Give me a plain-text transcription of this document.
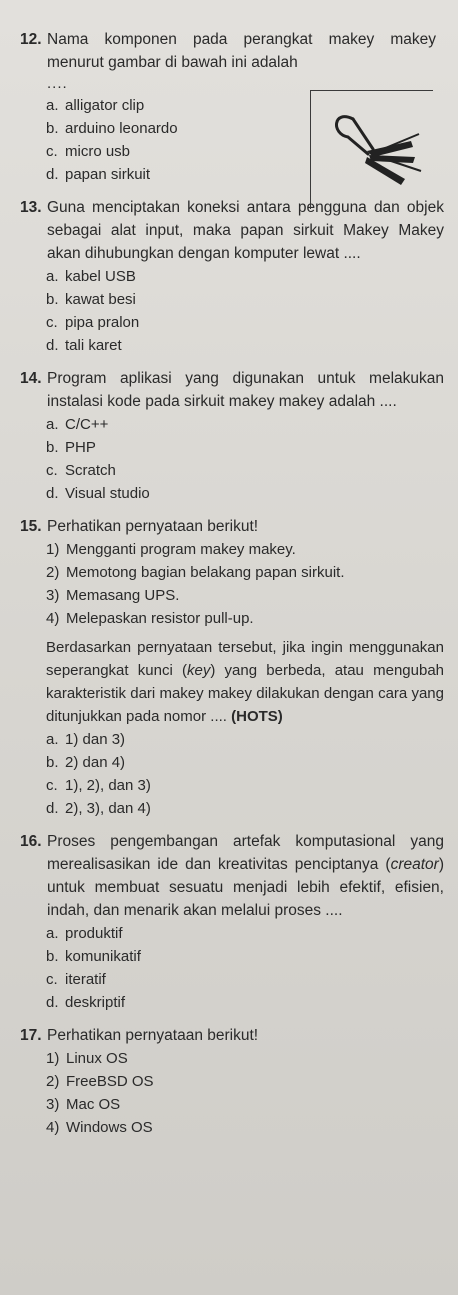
12. Nama komponen pada perangkat makey makey menurut gambar di bawah ini adalah
....
a. alligator clip
b. arduino leonardo
c. micro usb
d. papan sirkuit
13. Guna menciptakan koneksi antara pengguna dan objek sebagai alat input, maka papan sirkuit Makey Makey akan dihubungkan dengan komputer lewat ....
a. kabel USB
b. kawat besi
c. pipa pralon
d. tali karet
14. Program aplikasi yang digunakan untuk melakukan instalasi kode pada sirkuit makey makey adalah ....
a. C/C++
b. PHP
c. Scratch
d. Visual studio
15. Perhatikan pernyataan berikut!
1) Mengganti program makey makey.
2) Memotong bagian belakang papan sirkuit.
3) Memasang UPS.
4) Melepaskan resistor pull-up.
Berdasarkan pernyataan tersebut, jika ingin menggunakan seperangkat kunci (key) yang berbeda, atau mengubah karakteristik dari makey makey dilakukan dengan cara yang ditunjukkan pada nomor .... (HOTS)
a. 1) dan 3)
b. 2) dan 4)
c. 1), 2), dan 3)
d. 2), 3), dan 4)
16. Proses pengembangan artefak komputasional yang merealisasikan ide dan kreativitas penciptanya (creator) untuk membuat sesuatu menjadi lebih efektif, efisien, indah, dan menarik akan melalui proses ....
a. produktif
b. komunikatif
c. iteratif
d. deskriptif
17. Perhatikan pernyataan berikut!
1) Linux OS
2) FreeBSD OS
3) Mac OS
4) Windows OS
